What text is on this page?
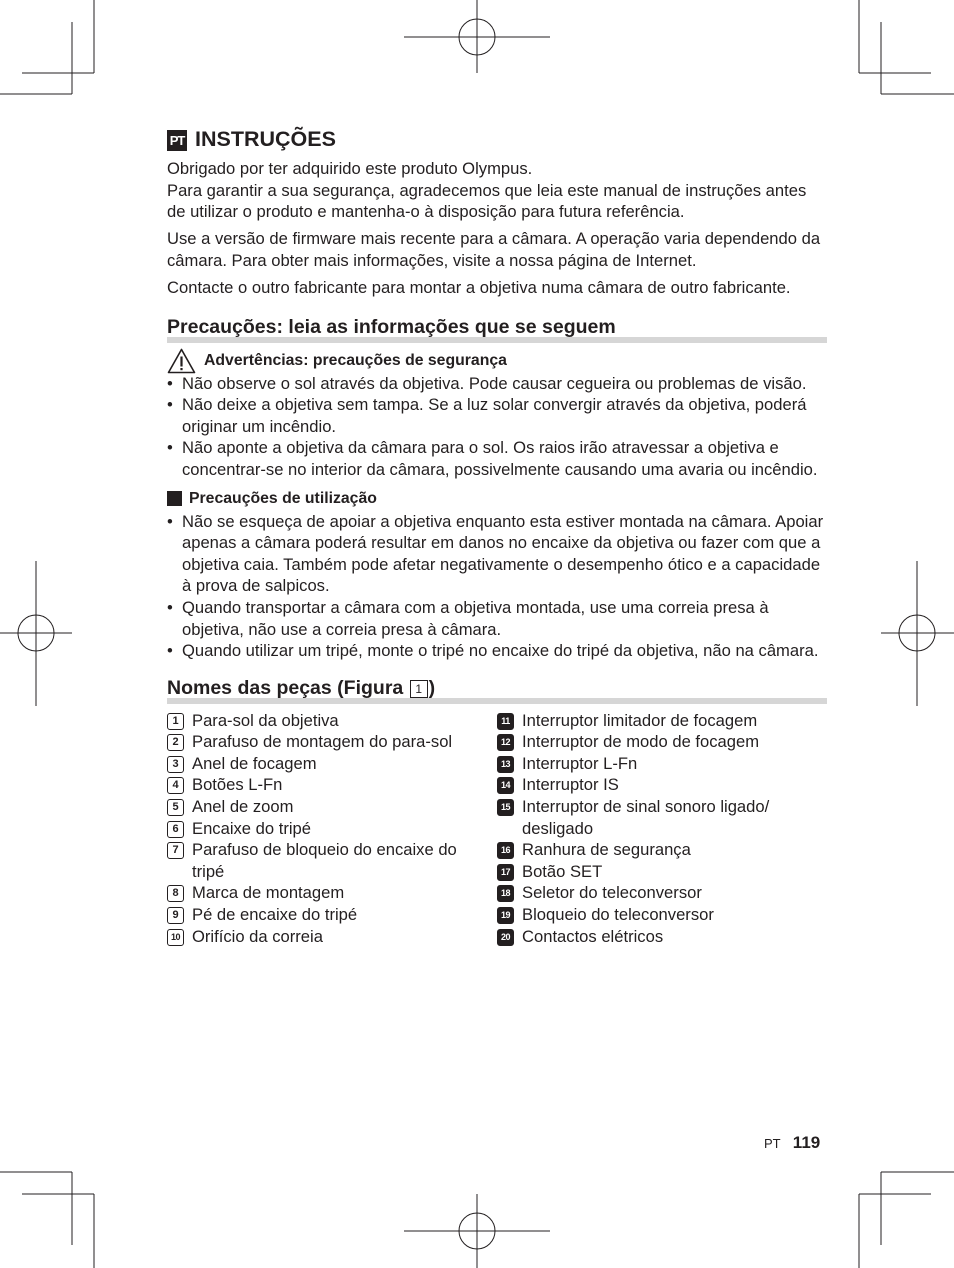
PT INSTRUÇÕES

Obrigado por ter adquirido este produto Olympus.
Para garantir a sua segurança, agradecemos que leia este manual de instruções antes de utilizar o produto e mantenha-o à disposição para futura referência.

Use a versão de firmware mais recente para a câmara. A operação varia dependendo da câmara. Para obter mais informações, visite a nossa página de Internet.

Contacte o outro fabricante para montar a objetiva numa câmara de outro fabricante.

Precauções: leia as informações que se seguem
Advertências: precauções de segurança
• Não observe o sol através da objetiva. Pode causar cegueira ou problemas de visão.
• Não deixe a objetiva sem tampa. Se a luz solar convergir através da objetiva, poderá originar um incêndio.
• Não aponte a objetiva da câmara para o sol. Os raios irão atravessar a objetiva e concentrar-se no interior da câmara, possivelmente causando uma avaria ou incêndio.
Precauções de utilização
• Não se esqueça de apoiar a objetiva enquanto esta estiver montada na câmara. Apoiar apenas a câmara poderá resultar em danos no encaixe da objetiva ou fazer com que a objetiva caia. Também pode afetar negativamente o desempenho ótico e a capacidade à prova de salpicos.
• Quando transportar a câmara com a objetiva montada, use uma correia presa à objetiva, não use a correia presa à câmara.
• Quando utilizar um tripé, monte o tripé no encaixe do tripé da objetiva, não na câmara.
Nomes das peças (Figura 1 )
1 Para-sol da objetiva
2 Parafuso de montagem do para-sol
3 Anel de focagem
4 Botões L-Fn
5 Anel de zoom
6 Encaixe do tripé
7 Parafuso de bloqueio do encaixe do tripé
8 Marca de montagem
9 Pé de encaixe do tripé
10 Orifício da correia
11 Interruptor limitador de focagem
12 Interruptor de modo de focagem
13 Interruptor L-Fn
14 Interruptor IS
15 Interruptor de sinal sonoro ligado/ desligado
16 Ranhura de segurança
17 Botão SET
18 Seletor do teleconversor
19 Bloqueio do teleconversor
20 Contactos elétricos
PT 119
